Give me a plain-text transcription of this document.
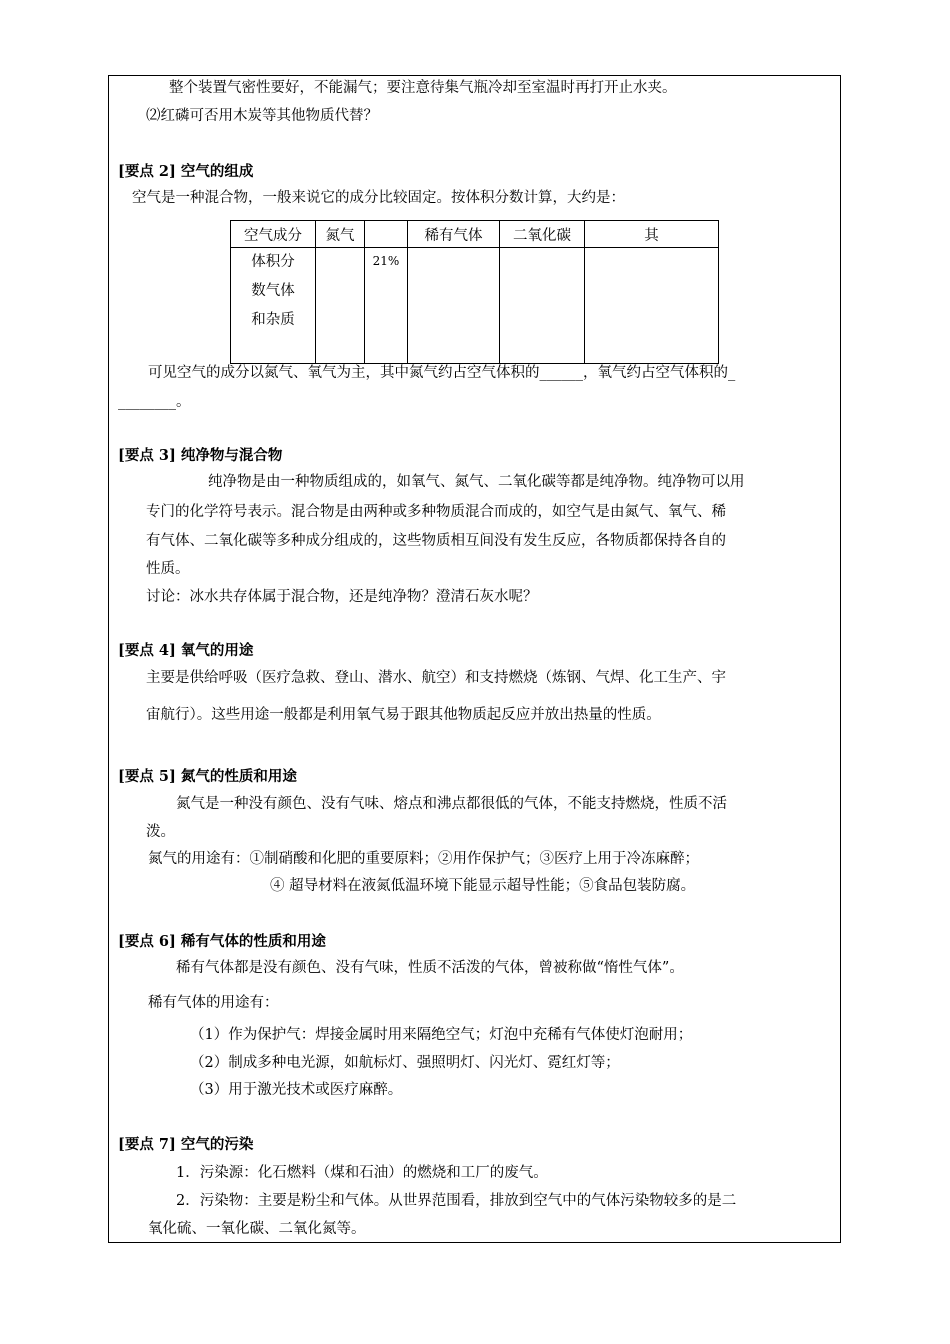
整个装置气密性要好，不能漏气；要注意待集气瓶冷却至室温时再打开止水夹。
⑵红磷可否用木炭等其他物质代替？
[要点 2] 空气的组成
空气是一种混合物，一般来说它的成分比较固定。按体积分数计算，大约是：
空气成分	氮气		稀有气体	二氧化碳	其

体积分数气体和杂质		21%			
可见空气的成分以氮气、氧气为主，其中氮气约占空气体积的______，氧气约占空气体积的_
________。
[要点 3] 纯净物与混合物
纯净物是由一种物质组成的，如氧气、氮气、二氧化碳等都是纯净物。纯净物可以用
专门的化学符号表示。混合物是由两种或多种物质混合而成的，如空气是由氮气、氧气、稀
有气体、二氧化碳等多种成分组成的，这些物质相互间没有发生反应，各物质都保持各自的
性质。
讨论：冰水共存体属于混合物，还是纯净物？澄清石灰水呢？
[要点 4] 氧气的用途
主要是供给呼吸（医疗急救、登山、潜水、航空）和支持燃烧（炼钢、气焊、化工生产、宇
宙航行）。这些用途一般都是利用氧气易于跟其他物质起反应并放出热量的性质。
[要点 5] 氮气的性质和用途
氮气是一种没有颜色、没有气味、熔点和沸点都很低的气体，不能支持燃烧，性质不活
泼。
氮气的用途有：①制硝酸和化肥的重要原料；②用作保护气；③医疗上用于冷冻麻醉；
④ 超导材料在液氮低温环境下能显示超导性能；⑤食品包装防腐。
[要点 6] 稀有气体的性质和用途
稀有气体都是没有颜色、没有气味，性质不活泼的气体，曾被称做“惰性气体”。
稀有气体的用途有：
（1）作为保护气：焊接金属时用来隔绝空气；灯泡中充稀有气体使灯泡耐用；
（2）制成多种电光源，如航标灯、强照明灯、闪光灯、霓红灯等；
（3）用于激光技术或医疗麻醉。
[要点 7] 空气的污染
1．污染源：化石燃料（煤和石油）的燃烧和工厂的废气。
2．污染物：主要是粉尘和气体。从世界范围看，排放到空气中的气体污染物较多的是二
氧化硫、一氧化碳、二氧化氮等。
